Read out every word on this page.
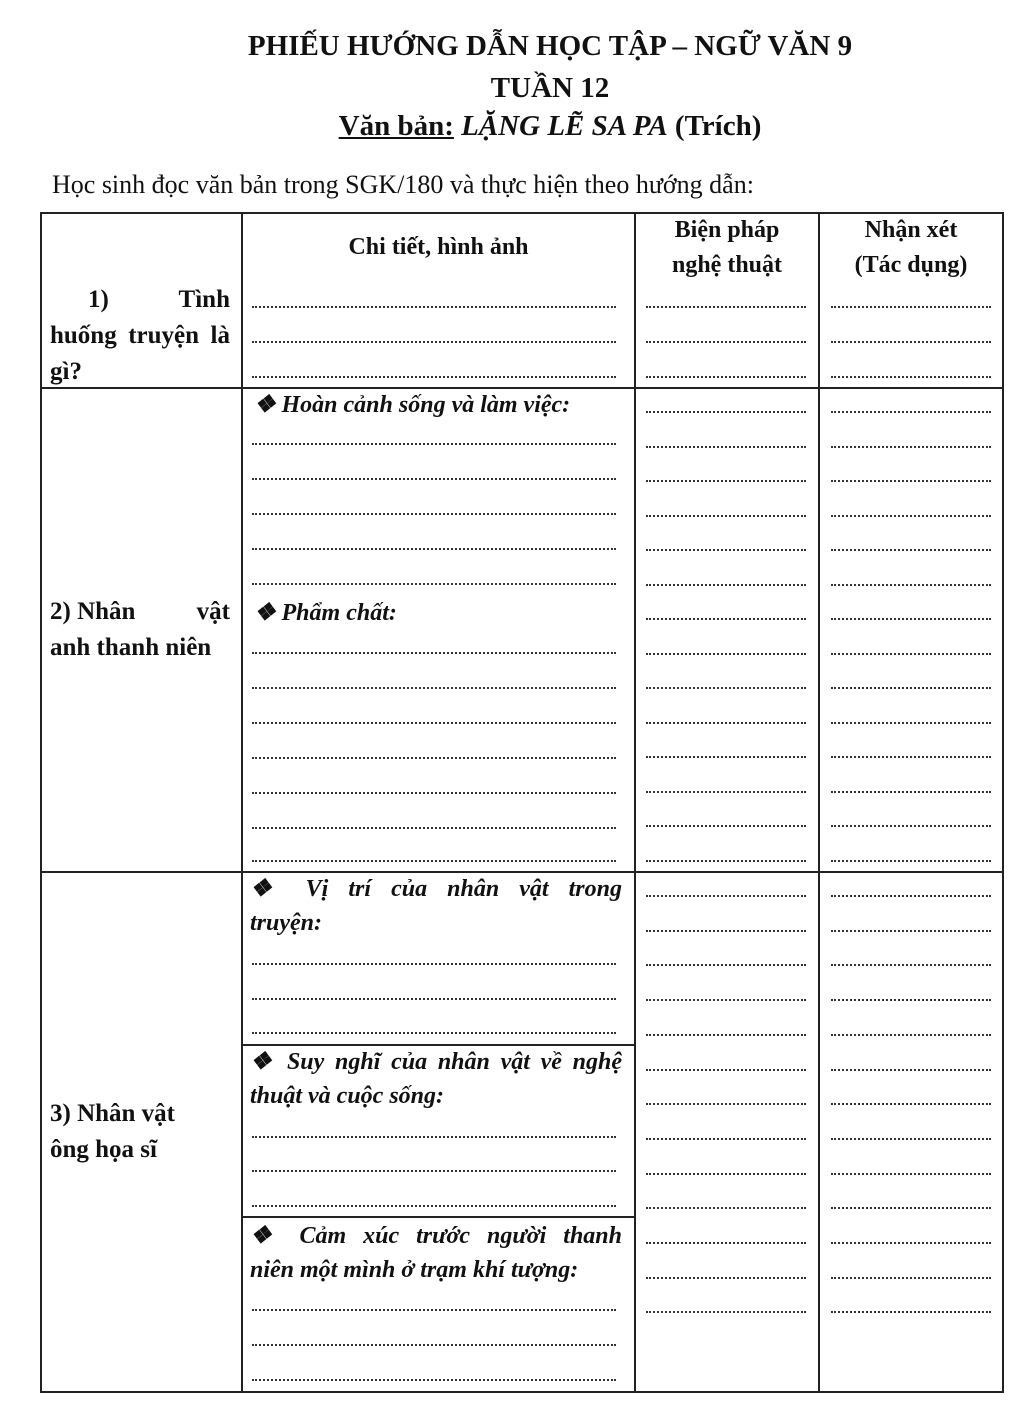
PHIẾU HƯỚNG DẪN HỌC TẬP – NGỮ VĂN 9
TUẦN 12
Văn bản: LẶNG LẼ SA PA (Trích)
Học sinh đọc văn bản trong SGK/180 và thực hiện theo hướng dẫn:
Chi tiết, hình ảnh
Biện pháp
nghệ thuật
Nhận xét
(Tác dụng)
1) Tình huống truyện là gì?
2) Nhân vật
anh thanh niên
❖ Hoàn cảnh sống và làm việc:
❖ Phẩm chất:
3) Nhân vật
ông họa sĩ
❖ Vị trí của nhân vật trong
truyện:
❖ Suy nghĩ của nhân vật về nghệ
thuật và cuộc sống:
❖ Cảm xúc trước người thanh
niên một mình ở trạm khí tượng:
